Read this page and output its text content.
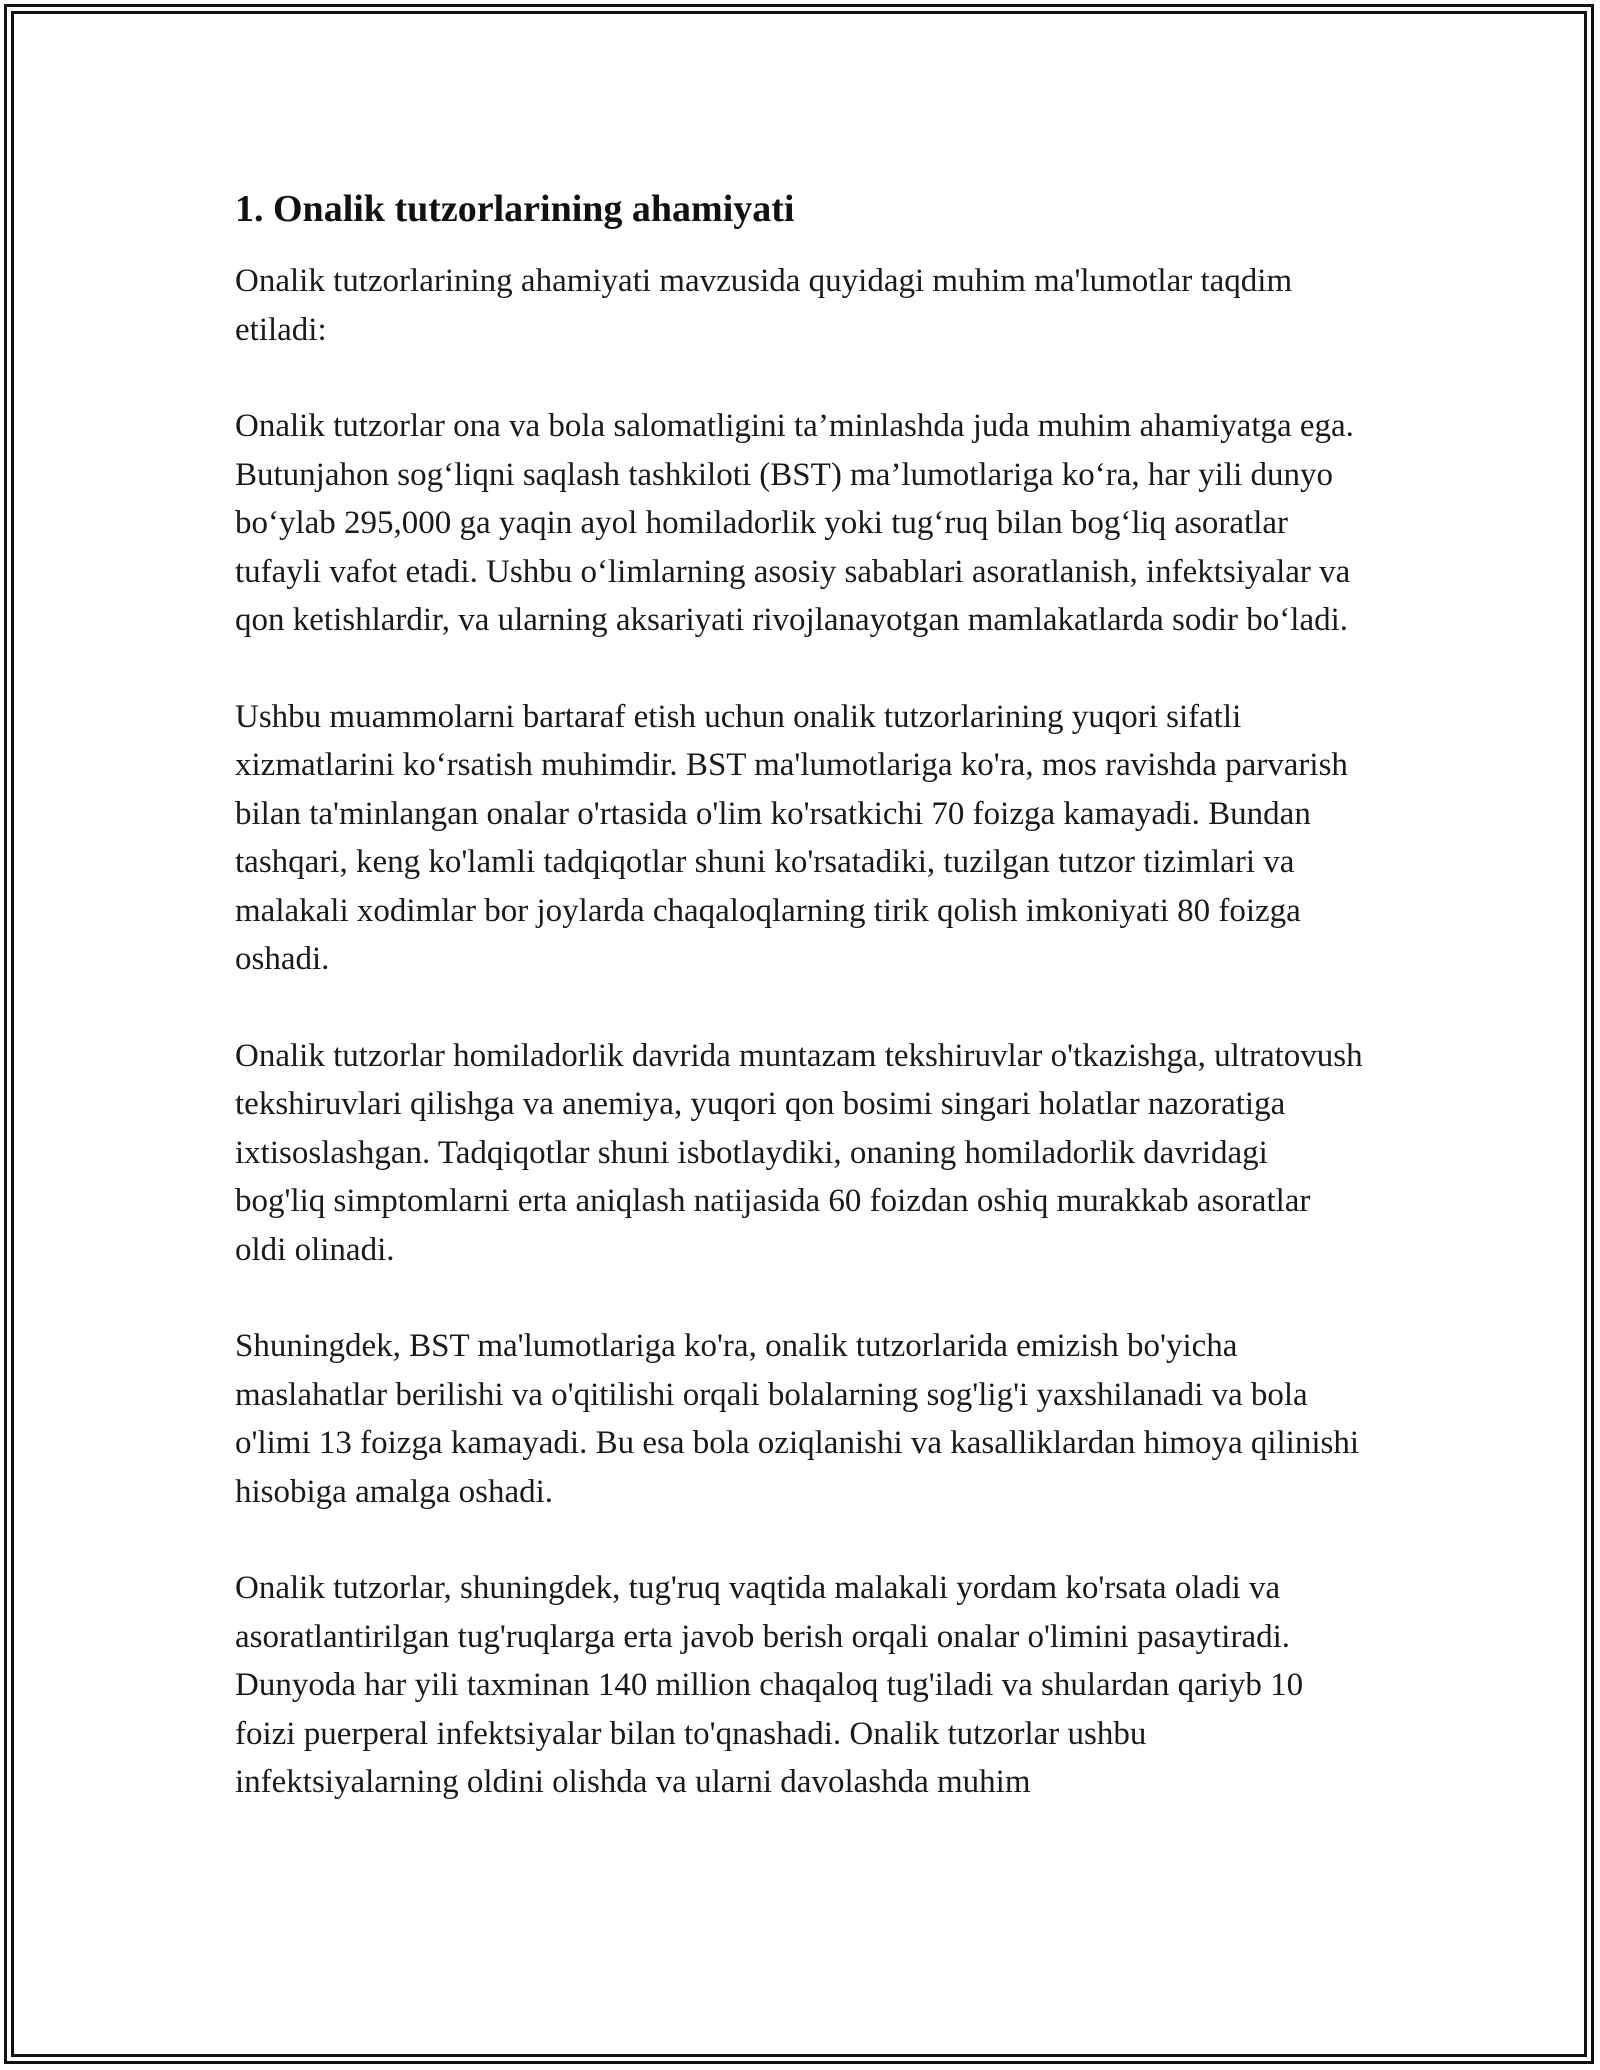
1. Onalik tutzorlarining ahamiyati

Onalik tutzorlarining ahamiyati mavzusida quyidagi muhim ma'lumotlar taqdim etiladi:

Onalik tutzorlar ona va bola salomatligini ta’minlashda juda muhim ahamiyatga ega. Butunjahon sog‘liqni saqlash tashkiloti (BST) ma’lumotlariga ko‘ra, har yili dunyo bo‘ylab 295,000 ga yaqin ayol homiladorlik yoki tug‘ruq bilan bog‘liq asoratlar tufayli vafot etadi. Ushbu o‘limlarning asosiy sabablari asoratlanish, infektsiyalar va qon ketishlardir, va ularning aksariyati rivojlanayotgan mamlakatlarda sodir bo‘ladi.

Ushbu muammolarni bartaraf etish uchun onalik tutzorlarining yuqori sifatli xizmatlarini ko‘rsatish muhimdir. BST ma'lumotlariga ko'ra, mos ravishda parvarish bilan ta'minlangan onalar o'rtasida o'lim ko'rsatkichi 70 foizga kamayadi. Bundan tashqari, keng ko'lamli tadqiqotlar shuni ko'rsatadiki, tuzilgan tutzor tizimlari va malakali xodimlar bor joylarda chaqaloqlarning tirik qolish imkoniyati 80 foizga oshadi.

Onalik tutzorlar homiladorlik davrida muntazam tekshiruvlar o'tkazishga, ultratovush tekshiruvlari qilishga va anemiya, yuqori qon bosimi singari holatlar nazoratiga ixtisoslashgan. Tadqiqotlar shuni isbotlaydiki, onaning homiladorlik davridagi bog'liq simptomlarni erta aniqlash natijasida 60 foizdan oshiq murakkab asoratlar oldi olinadi.

Shuningdek, BST ma'lumotlariga ko'ra, onalik tutzorlarida emizish bo'yicha maslahatlar berilishi va o'qitilishi orqali bolalarning sog'lig'i yaxshilanadi va bola o'limi 13 foizga kamayadi. Bu esa bola oziqlanishi va kasalliklardan himoya qilinishi hisobiga amalga oshadi.

Onalik tutzorlar, shuningdek, tug'ruq vaqtida malakali yordam ko'rsata oladi va asoratlantirilgan tug'ruqlarga erta javob berish orqali onalar o'limini pasaytiradi. Dunyoda har yili taxminan 140 million chaqaloq tug'iladi va shulardan qariyb 10 foizi puerperal infektsiyalar bilan to'qnashadi. Onalik tutzorlar ushbu infektsiyalarning oldini olishda va ularni davolashda muhim
